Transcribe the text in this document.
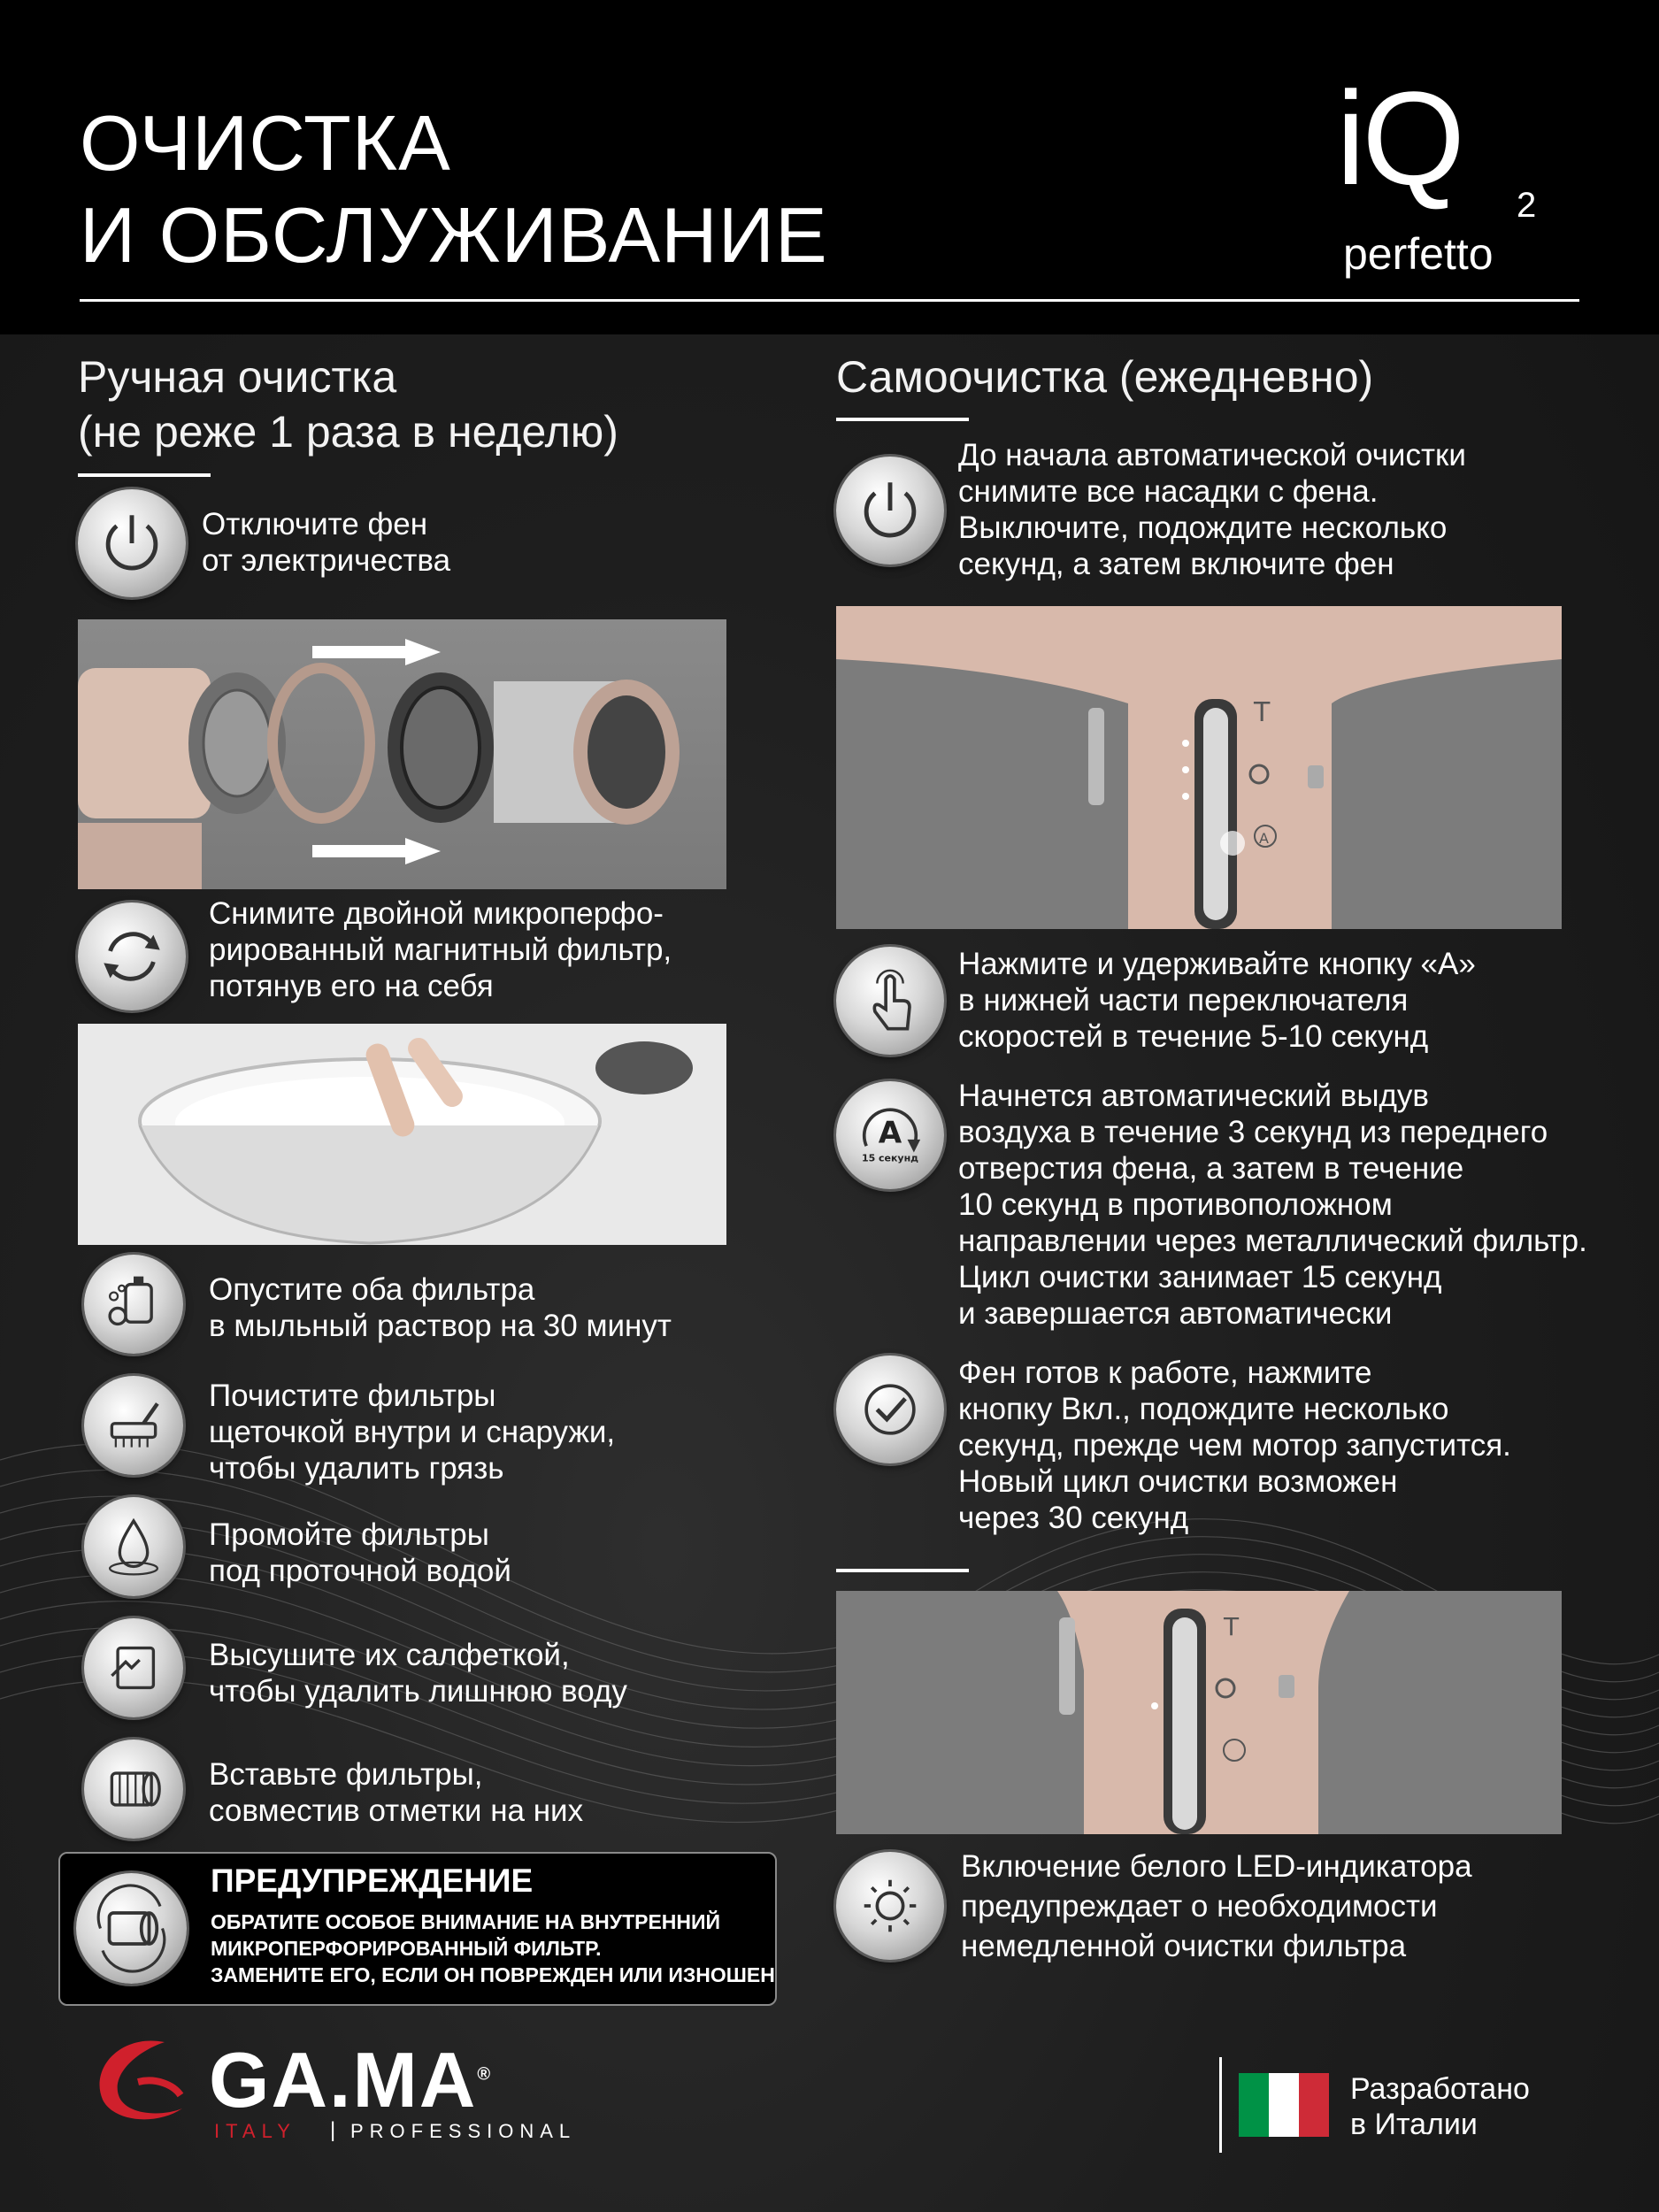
ОЧИСТКА
И ОБСЛУЖИВАНИЕ
iQ 2
perfetto
Ручная очистка
(не реже 1 раза в неделю)
Самоочистка (ежедневно)
Отключите фен
от электричества
Снимите двойной микроперфо-
рированный магнитный фильтр,
потянув его на себя
Опустите оба фильтра
в мыльный раствор на 30 минут
Почистите фильтры
щеточкой внутри и снаружи,
чтобы удалить грязь
Промойте фильтры
под проточной водой
Высушите их салфеткой,
чтобы удалить лишнюю воду
Вставьте фильтры,
совместив отметки на них
ПРЕДУПРЕЖДЕНИЕ
ОБРАТИТЕ ОСОБОЕ ВНИМАНИЕ НА ВНУТРЕННИЙ
МИКРОПЕРФОРИРОВАННЫЙ ФИЛЬТР.
ЗАМЕНИТЕ ЕГО, ЕСЛИ ОН ПОВРЕЖДЕН ИЛИ ИЗНОШЕН
До начала автоматической очистки
снимите все насадки с фена.
Выключите, подождите несколько
секунд, а затем включите фен
T
A
Нажмите и удерживайте кнопку «А»
в нижней части переключателя
скоростей в течение 5-10 секунд
A
15 секунд
Начнется автоматический выдув
воздуха в течение 3 секунд из переднего
отверстия фена, а затем в течение
10 секунд в противоположном
направлении через металлический фильтр.
Цикл очистки занимает 15 секунд
и завершается автоматически
Фен готов к работе, нажмите
кнопку Вкл., подождите несколько
секунд, прежде чем мотор запустится.
Новый цикл очистки возможен
через 30 секунд
T
Включение белого LED-индикатора
предупреждает о необходимости
немедленной очистки фильтра
GA.MA®
ITALY | PROFESSIONAL
Разработано
в Италии
